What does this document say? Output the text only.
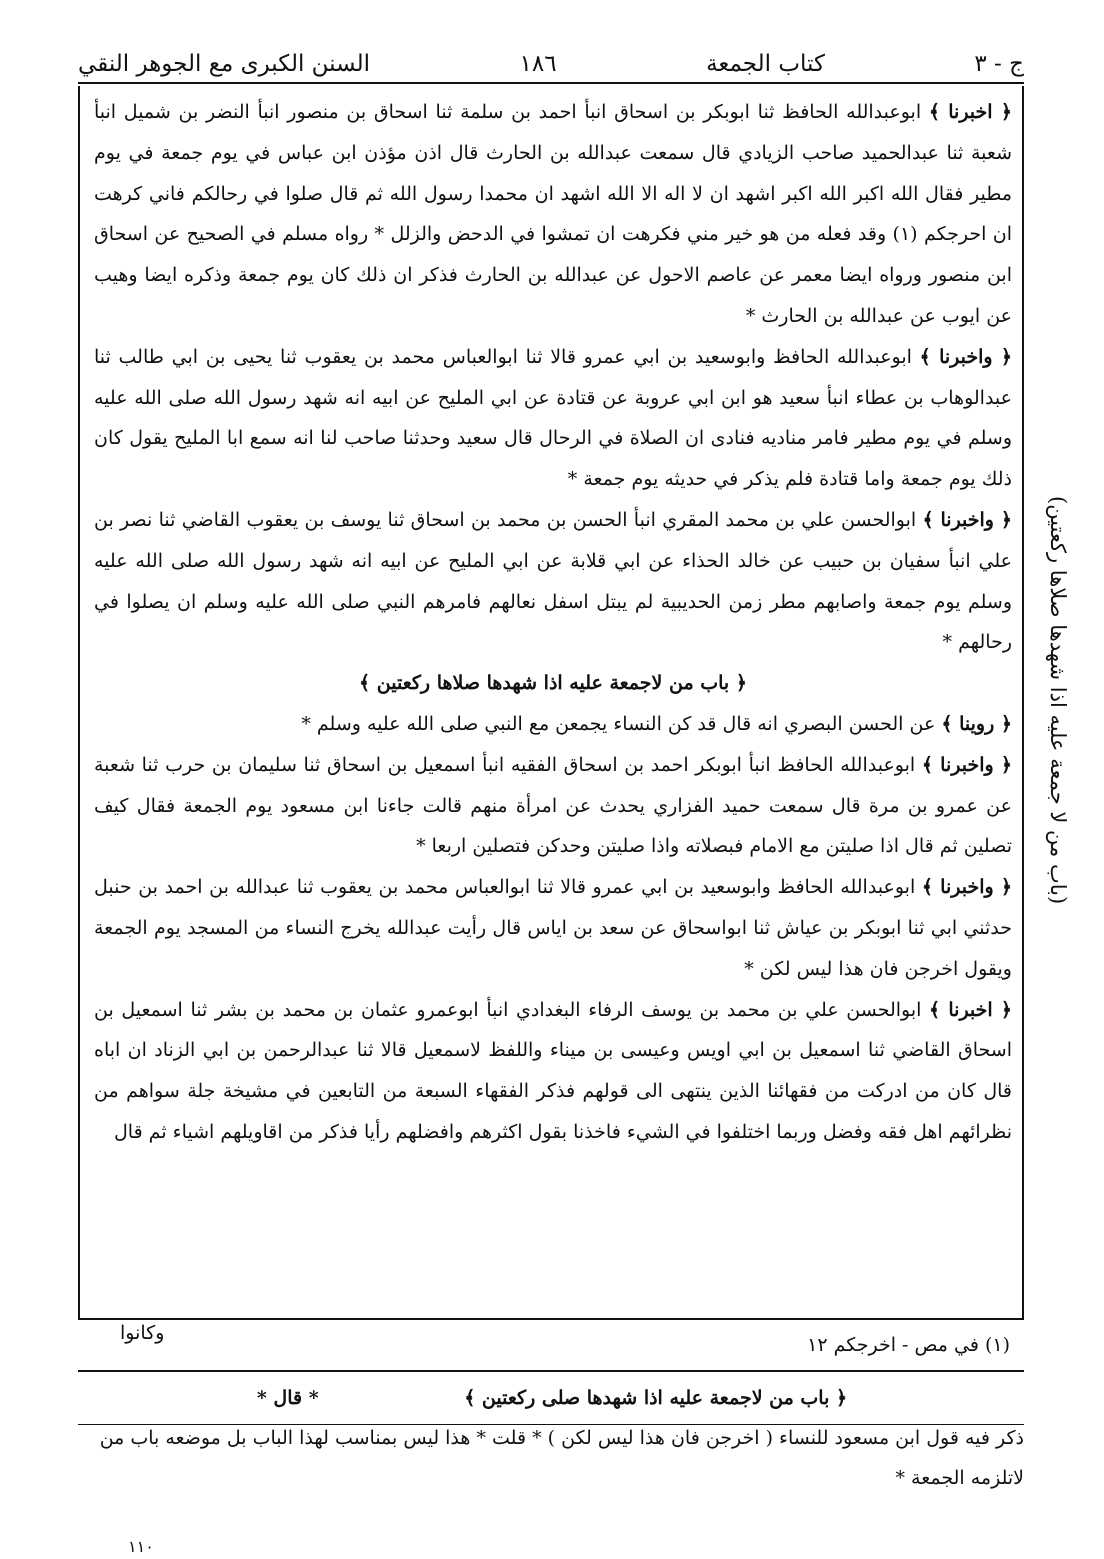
السنن الكبرى مع الجوهر النقي	١٨٦	كتاب الجمعة	ج - ٣

﴿ اخبرنا ﴾ ابوعبدالله الحافظ ثنا ابوبكر بن اسحاق انبأ احمد بن سلمة ثنا اسحاق بن منصور انبأ النضر بن شميل انبأ شعبة ثنا عبدالحميد صاحب الزيادي قال سمعت عبدالله بن الحارث قال اذن مؤذن ابن عباس في يوم جمعة في يوم مطير فقال الله اكبر الله اكبر اشهد ان لا اله الا الله اشهد ان محمدا رسول الله ثم قال صلوا في رحالكم فاني كرهت ان احرجكم (١) وقد فعله من هو خير مني فكرهت ان تمشوا في الدحض والزلل * رواه مسلم في الصحيح عن اسحاق ابن منصور ورواه ايضا معمر عن عاصم الاحول عن عبدالله بن الحارث فذكر ان ذلك كان يوم جمعة وذكره ايضا وهيب عن ايوب عن عبدالله بن الحارث *

﴿ واخبرنا ﴾ ابوعبدالله الحافظ وابوسعيد بن ابي عمرو قالا ثنا ابوالعباس محمد بن يعقوب ثنا يحيى بن ابي طالب ثنا عبدالوهاب بن عطاء انبأ سعيد هو ابن ابي عروبة عن قتادة عن ابي المليح عن ابيه انه شهد رسول الله صلى الله عليه وسلم في يوم مطير فامر مناديه فنادى ان الصلاة في الرحال قال سعيد وحدثنا صاحب لنا انه سمع ابا المليح يقول كان ذلك يوم جمعة واما قتادة فلم يذكر في حديثه يوم جمعة *

﴿ واخبرنا ﴾ ابوالحسن علي بن محمد المقري انبأ الحسن بن محمد بن اسحاق ثنا يوسف بن يعقوب القاضي ثنا نصر بن علي انبأ سفيان بن حبيب عن خالد الحذاء عن ابي قلابة عن ابي المليح عن ابيه انه شهد رسول الله صلى الله عليه وسلم يوم جمعة واصابهم مطر زمن الحديبية لم يبتل اسفل نعالهم فامرهم النبي صلى الله عليه وسلم ان يصلوا في رحالهم *

﴿ باب من لاجمعة عليه اذا شهدها صلاها ركعتين ﴾

﴿ روينا ﴾ عن الحسن البصري انه قال قد كن النساء يجمعن مع النبي صلى الله عليه وسلم *

﴿ واخبرنا ﴾ ابوعبدالله الحافظ انبأ ابوبكر احمد بن اسحاق الفقيه انبأ اسمعيل بن اسحاق ثنا سليمان بن حرب ثنا شعبة عن عمرو بن مرة قال سمعت حميد الفزاري يحدث عن امرأة منهم قالت جاءنا ابن مسعود يوم الجمعة فقال كيف تصلين ثم قال اذا صليتن مع الامام فبصلاته واذا صليتن وحدكن فتصلين اربعا *

﴿ واخبرنا ﴾ ابوعبدالله الحافظ وابوسعيد بن ابي عمرو قالا ثنا ابوالعباس محمد بن يعقوب ثنا عبدالله بن احمد بن حنبل حدثني ابي ثنا ابوبكر بن عياش ثنا ابواسحاق عن سعد بن اياس قال رأيت عبدالله يخرج النساء من المسجد يوم الجمعة ويقول اخرجن فان هذا ليس لكن *

﴿ اخبرنا ﴾ ابوالحسن علي بن محمد بن يوسف الرفاء البغدادي انبأ ابوعمرو عثمان بن محمد بن بشر ثنا اسمعيل بن اسحاق القاضي ثنا اسمعيل بن ابي اويس وعيسى بن ميناء واللفظ لاسمعيل قالا ثنا عبدالرحمن بن ابي الزناد ان اباه قال كان من ادركت من فقهائنا الذين ينتهى الى قولهم فذكر الفقهاء السبعة من التابعين في مشيخة جلة سواهم من نظرائهم اهل فقه وفضل وربما اختلفوا في الشيء فاخذنا بقول اكثرهم وافضلهم رأيا فذكر من اقاويلهم اشياء ثم قال

(باب من لا جمعة عليه اذا شهدها صلاها ركعتين)
(١) في مص - اخرجكم ١٢
وكانوا
﴿ باب من لاجمعة عليه اذا شهدها صلى ركعتين ﴾                      * قال *
ذكر فيه قول ابن مسعود للنساء ( اخرجن فان هذا ليس لكن ) * قلت * هذا ليس بمناسب لهذا الباب بل موضعه باب من لاتلزمه الجمعة *
١١٠
